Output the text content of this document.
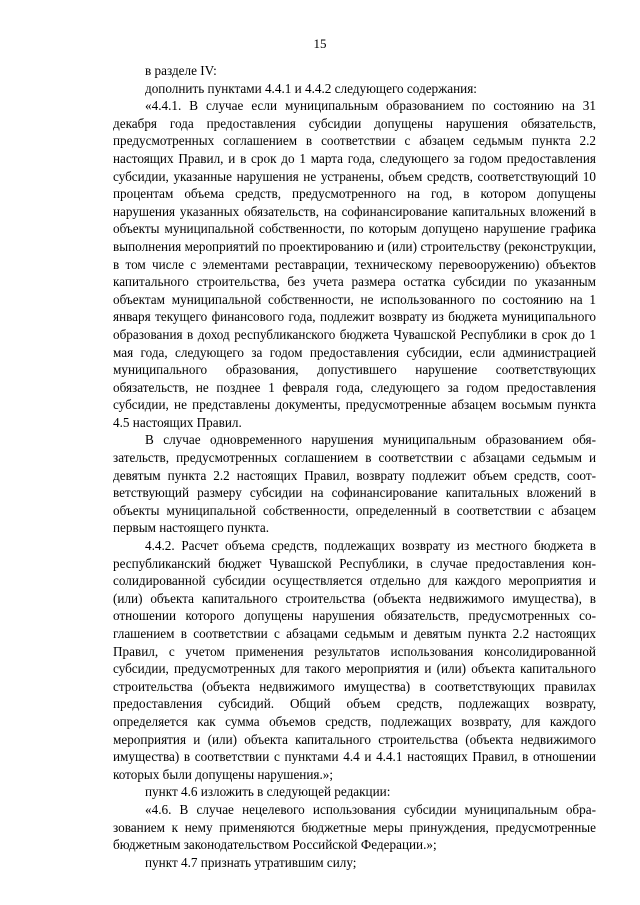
15

в разделе IV:

дополнить пунктами 4.4.1 и 4.4.2 следующего содержания:

«4.4.1. В случае если муниципальным образованием по состоянию на 31 декабря года предоставления субсидии допущены нарушения обязательств, предусмотренных соглашением в соответствии с абзацем седьмым пункта 2.2 настоящих Правил, и в срок до 1 марта года, следующего за годом предоставления субсидии, указанные нарушения не устранены, объем средств, соответствующий 10 процентам объема средств, предусмотренного на год, в котором допущены нарушения указанных обязательств, на софинансирование капитальных вложений в объекты муниципальной собственности, по которым допущено нарушение графика выполнения мероприятий по проектированию и (или) строительству (реконструкции, в том числе с элементами реставрации, техническому перевооружению) объектов капитального строительства, без учета размера остатка субсидии по указанным объектам муниципальной собственности, не использованного по состоянию на 1 января текущего финансового года, подлежит возврату из бюджета муниципального образования в доход республиканского бюджета Чувашской Республики в срок до 1 мая года, следующего за годом предоставления субсидии, если администрацией муниципального образования, допустившего нарушение соответствующих обязательств, не позднее 1 февраля года, следующего за годом предоставления субсидии, не представлены документы, предусмотренные абзацем восьмым пункта 4.5 настоящих Правил.

В случае одновременного нарушения муниципальным образованием обязательств, предусмотренных соглашением в соответствии с абзацами седьмым и девятым пункта 2.2 настоящих Правил, возврату подлежит объем средств, соответствующий размеру субсидии на софинансирование капитальных вложений в объекты муниципальной собственности, определенный в соответствии с абзацем первым настоящего пункта.

4.4.2. Расчет объема средств, подлежащих возврату из местного бюджета в республиканский бюджет Чувашской Республики, в случае предоставления консолидированной субсидии осуществляется отдельно для каждого мероприятия и (или) объекта капитального строительства (объекта недвижимого имущества), в отношении которого допущены нарушения обязательств, предусмотренных соглашением в соответствии с абзацами седьмым и девятым пункта 2.2 настоящих Правил, с учетом применения результатов использования консолидированной субсидии, предусмотренных для такого мероприятия и (или) объекта капитального строительства (объекта недвижимого имущества) в соответствующих правилах предоставления субсидий. Общий объем средств, подлежащих возврату, определяется как сумма объемов средств, подлежащих возврату, для каждого мероприятия и (или) объекта капитального строительства (объекта недвижимого имущества) в соответствии с пунктами 4.4 и 4.4.1 настоящих Правил, в отношении которых были допущены нарушения.»;

пункт 4.6 изложить в следующей редакции:

«4.6. В случае нецелевого использования субсидии муниципальным образованием к нему применяются бюджетные меры принуждения, предусмотренные бюджетным законодательством Российской Федерации.»;

пункт 4.7 признать утратившим силу;
